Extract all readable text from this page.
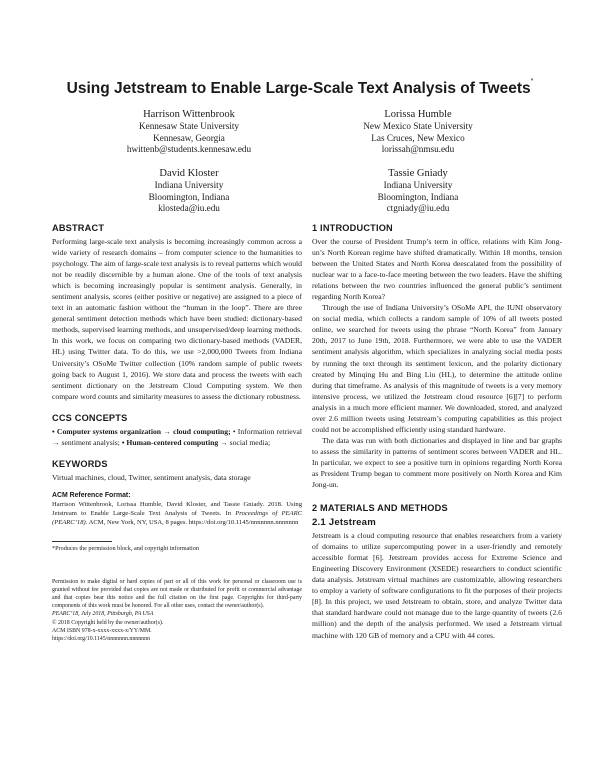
Using Jetstream to Enable Large-Scale Text Analysis of Tweets*
Harrison Wittenbrook
Kennesaw State University
Kennesaw, Georgia
hwittenb@students.kennesaw.edu
Lorissa Humble
New Mexico State University
Las Cruces, New Mexico
lorissah@nmsu.edu
David Kloster
Indiana University
Bloomington, Indiana
klosteda@iu.edu
Tassie Gniady
Indiana University
Bloomington, Indiana
ctgniady@iu.edu
ABSTRACT
Performing large-scale text analysis is becoming increasingly common across a wide variety of research domains – from computer science to the humanities to psychology. The aim of large-scale text analysis is to reveal patterns which would not be readily discernible by a human alone. One of the tools of text analysis which is becoming increasingly popular is sentiment analysis. Generally, in sentiment analysis, scores (either positive or negative) are assigned to a piece of text in an automatic fashion without the “human in the loop”. There are three general sentiment detection methods which have been studied: dictionary-based methods, supervised learning methods, and unsupervised/deep learning methods. In this work, we focus on comparing two dictionary-based methods (VADER, HL) using Twitter data. To do this, we use >2,000,000 Tweets from Indiana University’s OSoMe Twitter collection (10% random sample of public tweets going back to August 1, 2016). We store data and process the tweets with each sentiment dictionary on the Jetstream Cloud Computing system. We then compare word counts and similarity measures to assess the dictionary robustness.
CCS CONCEPTS
• Computer systems organization → cloud computing; • Information retrieval → sentiment analysis; • Human-centered computing → social media;
KEYWORDS
Virtual machines, cloud, Twitter, sentiment analysis, data storage
ACM Reference Format:
Harrison Wittenbrook, Lorissa Humble, David Kloster, and Tassie Gniady. 2018. Using Jetstream to Enable Large-Scale Text Analysis of Tweets. In Proceedings of PEARC (PEARC’18). ACM, New York, NY, USA, 8 pages. https://doi.org/10.1145/nnnnnnn.nnnnnnn
*Produces the permission block, and copyright information
Permission to make digital or hard copies of part or all of this work for personal or classroom use is granted without fee provided that copies are not made or distributed for profit or commercial advantage and that copies bear this notice and the full citation on the first page. Copyrights for third-party components of this work must be honored. For all other uses, contact the owner/author(s).
PEARC’18, July 2018, Pittsburgh, PA USA
© 2018 Copyright held by the owner/author(s).
ACM ISBN 978-x-xxxx-xxxx-x/YY/MM.
https://doi.org/10.1145/nnnnnnn.nnnnnnn
1 INTRODUCTION
Over the course of President Trump’s term in office, relations with Kim Jong-un’s North Korean regime have shifted dramatically. Within 18 months, tension between the United States and North Korea deescalated from the possibility of nuclear war to a face-to-face meeting between the two leaders. Have the shifting relations between the two countries influenced the general public’s sentiment regarding North Korea?
Through the use of Indiana University’s OSoMe API, the IUNI observatory on social media, which collects a random sample of 10% of all tweets posted online, we searched for tweets using the phrase “North Korea” from January 20th, 2017 to June 19th, 2018. Furthermore, we were able to use the VADER sentiment analysis algorithm, which specializes in analyzing social media posts by running the text through its sentiment lexicon, and the polarity dictionary created by Minqing Hu and Bing Liu (HL), to determine the attitude online during that timeframe. As analysis of this magnitude of tweets is a very memory intensive process, we utilized the Jetstream cloud resource [6][7] to perform analysis in a much more efficient manner. We downloaded, stored, and analyzed over 2.6 million tweets using Jetstream’s computing capabilities as this project could not be accomplished efficiently using standard hardware.
The data was run with both dictionaries and displayed in line and bar graphs to assess the similarity in patterns of sentiment scores between VADER and HL. In particular, we expect to see a positive turn in opinions regarding North Korea as President Trump began to comment more positively on North Korea and Kim Jong-un.
2 MATERIALS AND METHODS
2.1 Jetstream
Jetstream is a cloud computing resource that enables researchers from a variety of domains to utilize supercomputing power in a user-friendly and remotely accessible format [6]. Jetstream provides access for Extreme Science and Engineering Discovery Environment (XSEDE) researchers to conduct scientific data analysis. Jetstream virtual machines are customizable, allowing researchers to employ a variety of software configurations to fit the purposes of their projects [8]. In this project, we used Jetstream to obtain, store, and analyze Twitter data that standard hardware could not manage due to the large quantity of tweets (2.6 million) and the depth of the analysis performed. We used a Jetstream virtual machine with 120 GB of memory and a CPU with 44 cores.
